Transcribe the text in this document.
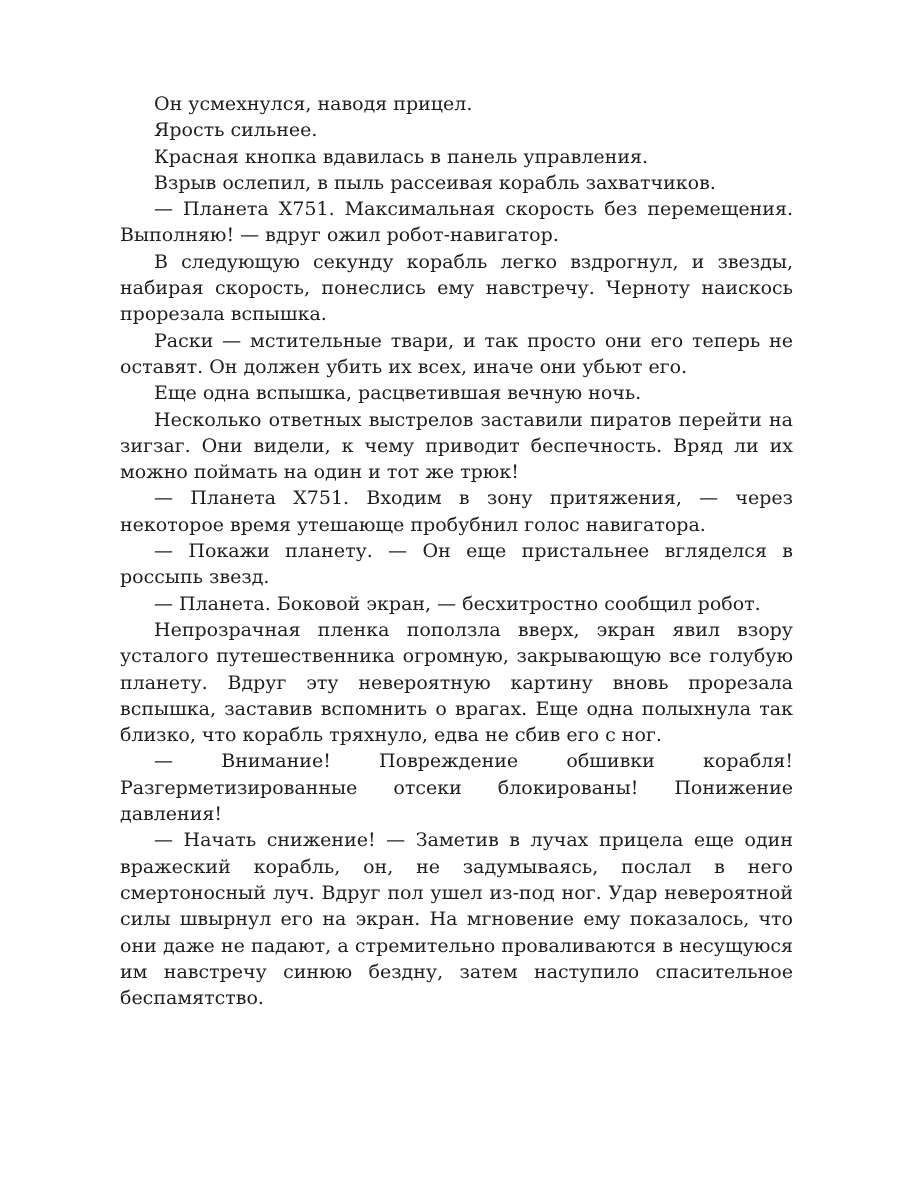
Он усмехнулся, наводя прицел.

Ярость сильнее.

Красная кнопка вдавилась в панель управления.

Взрыв ослепил, в пыль рассеивая корабль захватчиков.

— Планета Х751. Максимальная скорость без перемещения. Выполняю! — вдруг ожил робот-навигатор.

В следующую секунду корабль легко вздрогнул, и звезды, набирая скорость, понеслись ему навстречу. Черноту наискось прорезала вспышка.

Раски — мстительные твари, и так просто они его теперь не оставят. Он должен убить их всех, иначе они убьют его.

Еще одна вспышка, расцветившая вечную ночь.

Несколько ответных выстрелов заставили пиратов перейти на зигзаг. Они видели, к чему приводит беспечность. Вряд ли их можно поймать на один и тот же трюк!

— Планета Х751. Входим в зону притяжения, — через некоторое время утешающе пробубнил голос навигатора.

— Покажи планету. — Он еще пристальнее вгляделся в россыпь звезд.

— Планета. Боковой экран, — бесхитростно сообщил робот.

Непрозрачная пленка поползла вверх, экран явил взору усталого путешественника огромную, закрывающую все голубую планету. Вдруг эту невероятную картину вновь прорезала вспышка, заставив вспомнить о врагах. Еще одна полыхнула так близко, что корабль тряхнуло, едва не сбив его с ног.

— Внимание! Повреждение обшивки корабля! Разгерметизированные отсеки блокированы! Понижение давления!

— Начать снижение! — Заметив в лучах прицела еще один вражеский корабль, он, не задумываясь, послал в него смертоносный луч. Вдруг пол ушел из-под ног. Удар невероятной силы швырнул его на экран. На мгновение ему показалось, что они даже не падают, а стремительно проваливаются в несущуюся им навстречу синюю бездну, затем наступило спасительное беспамятство.
